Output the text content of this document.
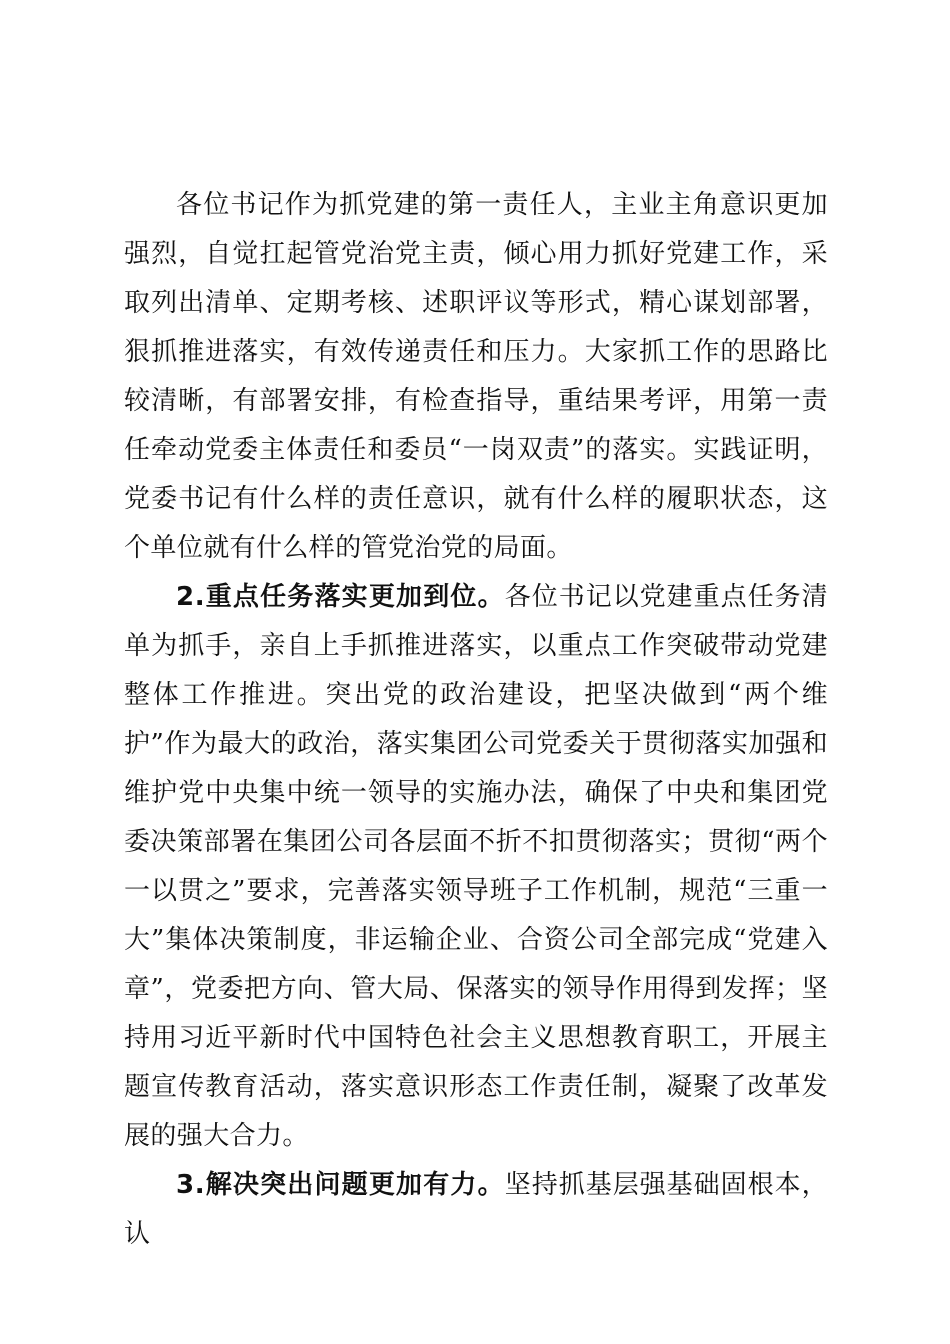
各位书记作为抓党建的第一责任人，主业主角意识更加强烈，自觉扛起管党治党主责，倾心用力抓好党建工作，采取列出清单、定期考核、述职评议等形式，精心谋划部署，狠抓推进落实，有效传递责任和压力。大家抓工作的思路比较清晰，有部署安排，有检查指导，重结果考评，用第一责任牵动党委主体责任和委员“一岗双责”的落实。实践证明，党委书记有什么样的责任意识，就有什么样的履职状态，这个单位就有什么样的管党治党的局面。

2.重点任务落实更加到位。各位书记以党建重点任务清单为抓手，亲自上手抓推进落实，以重点工作突破带动党建整体工作推进。突出党的政治建设，把坚决做到“两个维护”作为最大的政治，落实集团公司党委关于贯彻落实加强和维护党中央集中统一领导的实施办法，确保了中央和集团党委决策部署在集团公司各层面不折不扣贯彻落实；贯彻“两个一以贯之”要求，完善落实领导班子工作机制，规范“三重一大”集体决策制度，非运输企业、合资公司全部完成“党建入章”，党委把方向、管大局、保落实的领导作用得到发挥；坚持用习近平新时代中国特色社会主义思想教育职工，开展主题宣传教育活动，落实意识形态工作责任制，凝聚了改革发展的强大合力。

3.解决突出问题更加有力。坚持抓基层强基础固根本，认
